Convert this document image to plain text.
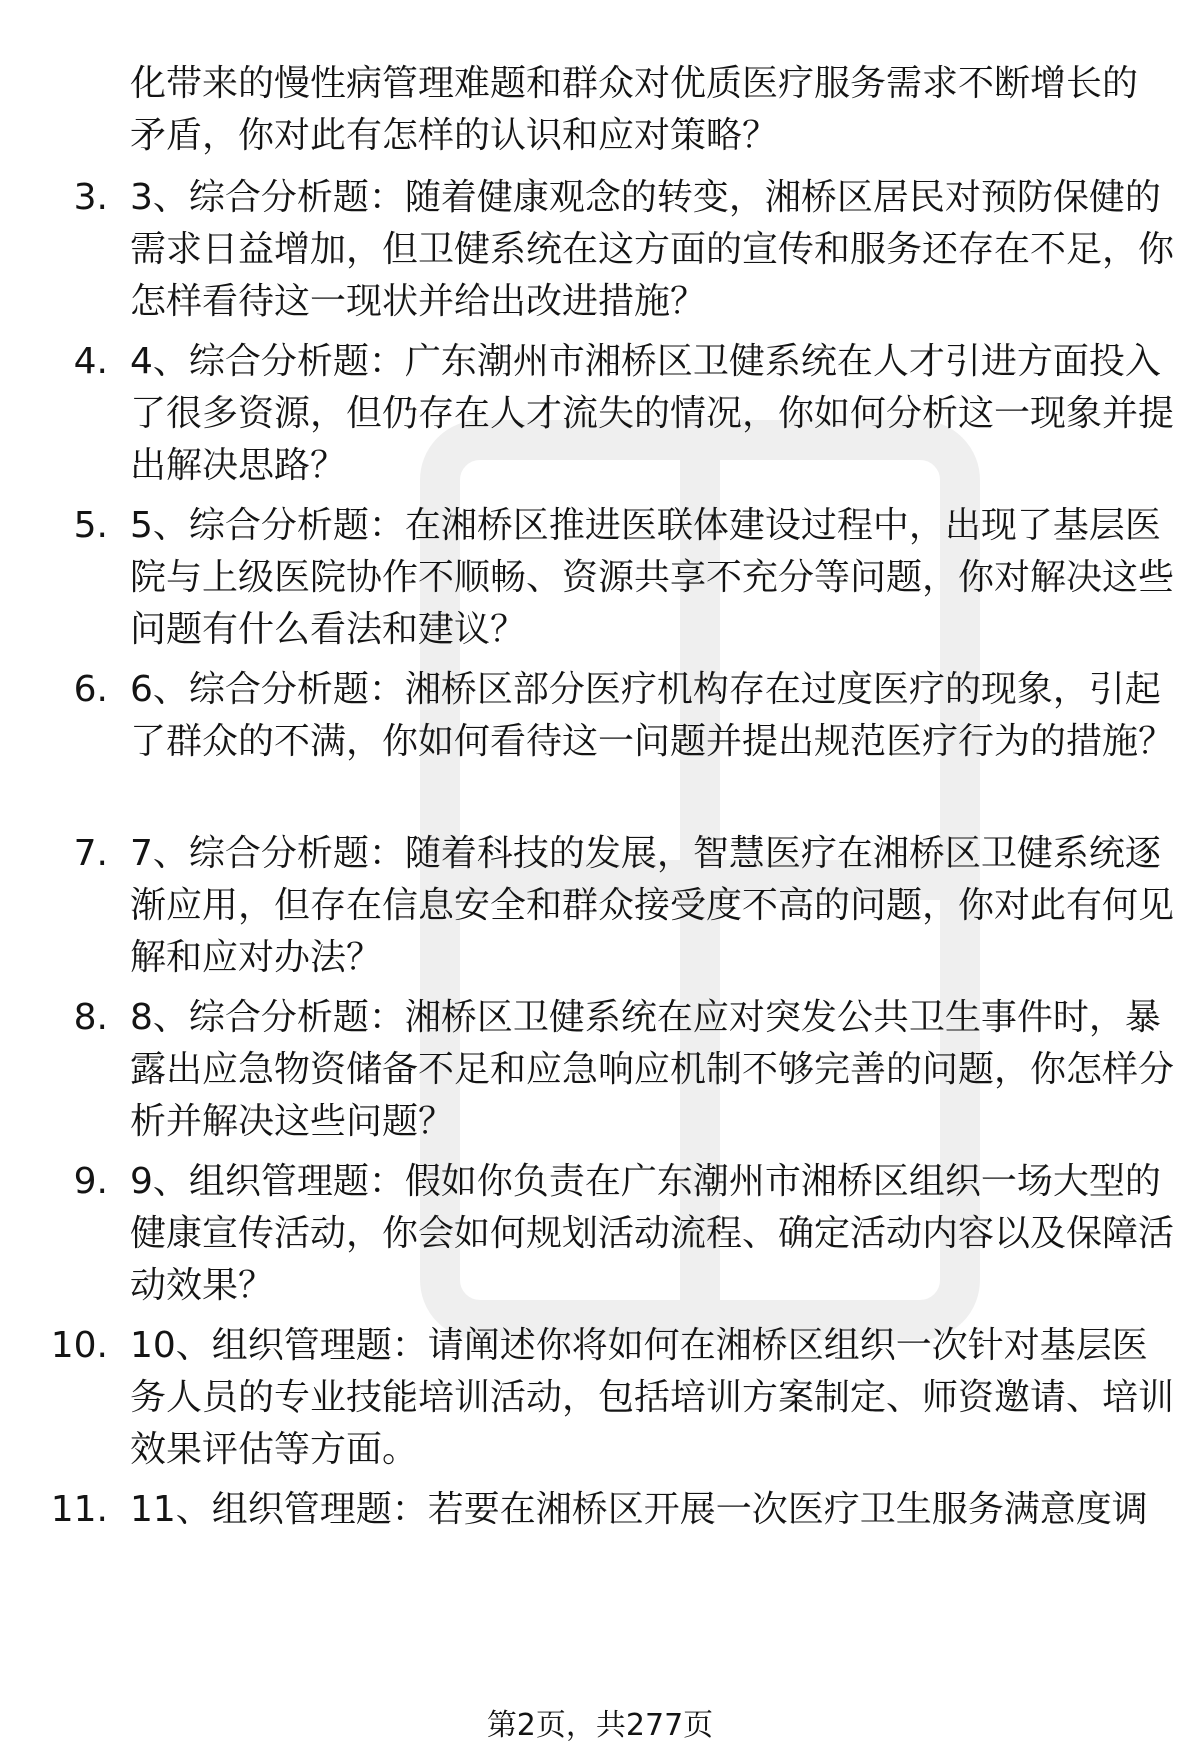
化带来的慢性病管理难题和群众对优质医疗服务需求不断增长的矛盾，你对此有怎样的认识和应对策略？
3. 3、综合分析题：随着健康观念的转变，湘桥区居民对预防保健的需求日益增加，但卫健系统在这方面的宣传和服务还存在不足，你怎样看待这一现状并给出改进措施？
4. 4、综合分析题：广东潮州市湘桥区卫健系统在人才引进方面投入了很多资源，但仍存在人才流失的情况，你如何分析这一现象并提出解决思路？
5. 5、综合分析题：在湘桥区推进医联体建设过程中，出现了基层医院与上级医院协作不顺畅、资源共享不充分等问题，你对解决这些问题有什么看法和建议？
6. 6、综合分析题：湘桥区部分医疗机构存在过度医疗的现象，引起了群众的不满，你如何看待这一问题并提出规范医疗行为的措施？
7. 7、综合分析题：随着科技的发展，智慧医疗在湘桥区卫健系统逐渐应用，但存在信息安全和群众接受度不高的问题，你对此有何见解和应对办法？
8. 8、综合分析题：湘桥区卫健系统在应对突发公共卫生事件时，暴露出应急物资储备不足和应急响应机制不够完善的问题，你怎样分析并解决这些问题？
9. 9、组织管理题：假如你负责在广东潮州市湘桥区组织一场大型的健康宣传活动，你会如何规划活动流程、确定活动内容以及保障活动效果？
10. 10、组织管理题：请阐述你将如何在湘桥区组织一次针对基层医务人员的专业技能培训活动，包括培训方案制定、师资邀请、培训效果评估等方面。
11. 11、组织管理题：若要在湘桥区开展一次医疗卫生服务满意度调
第2页，共277页
